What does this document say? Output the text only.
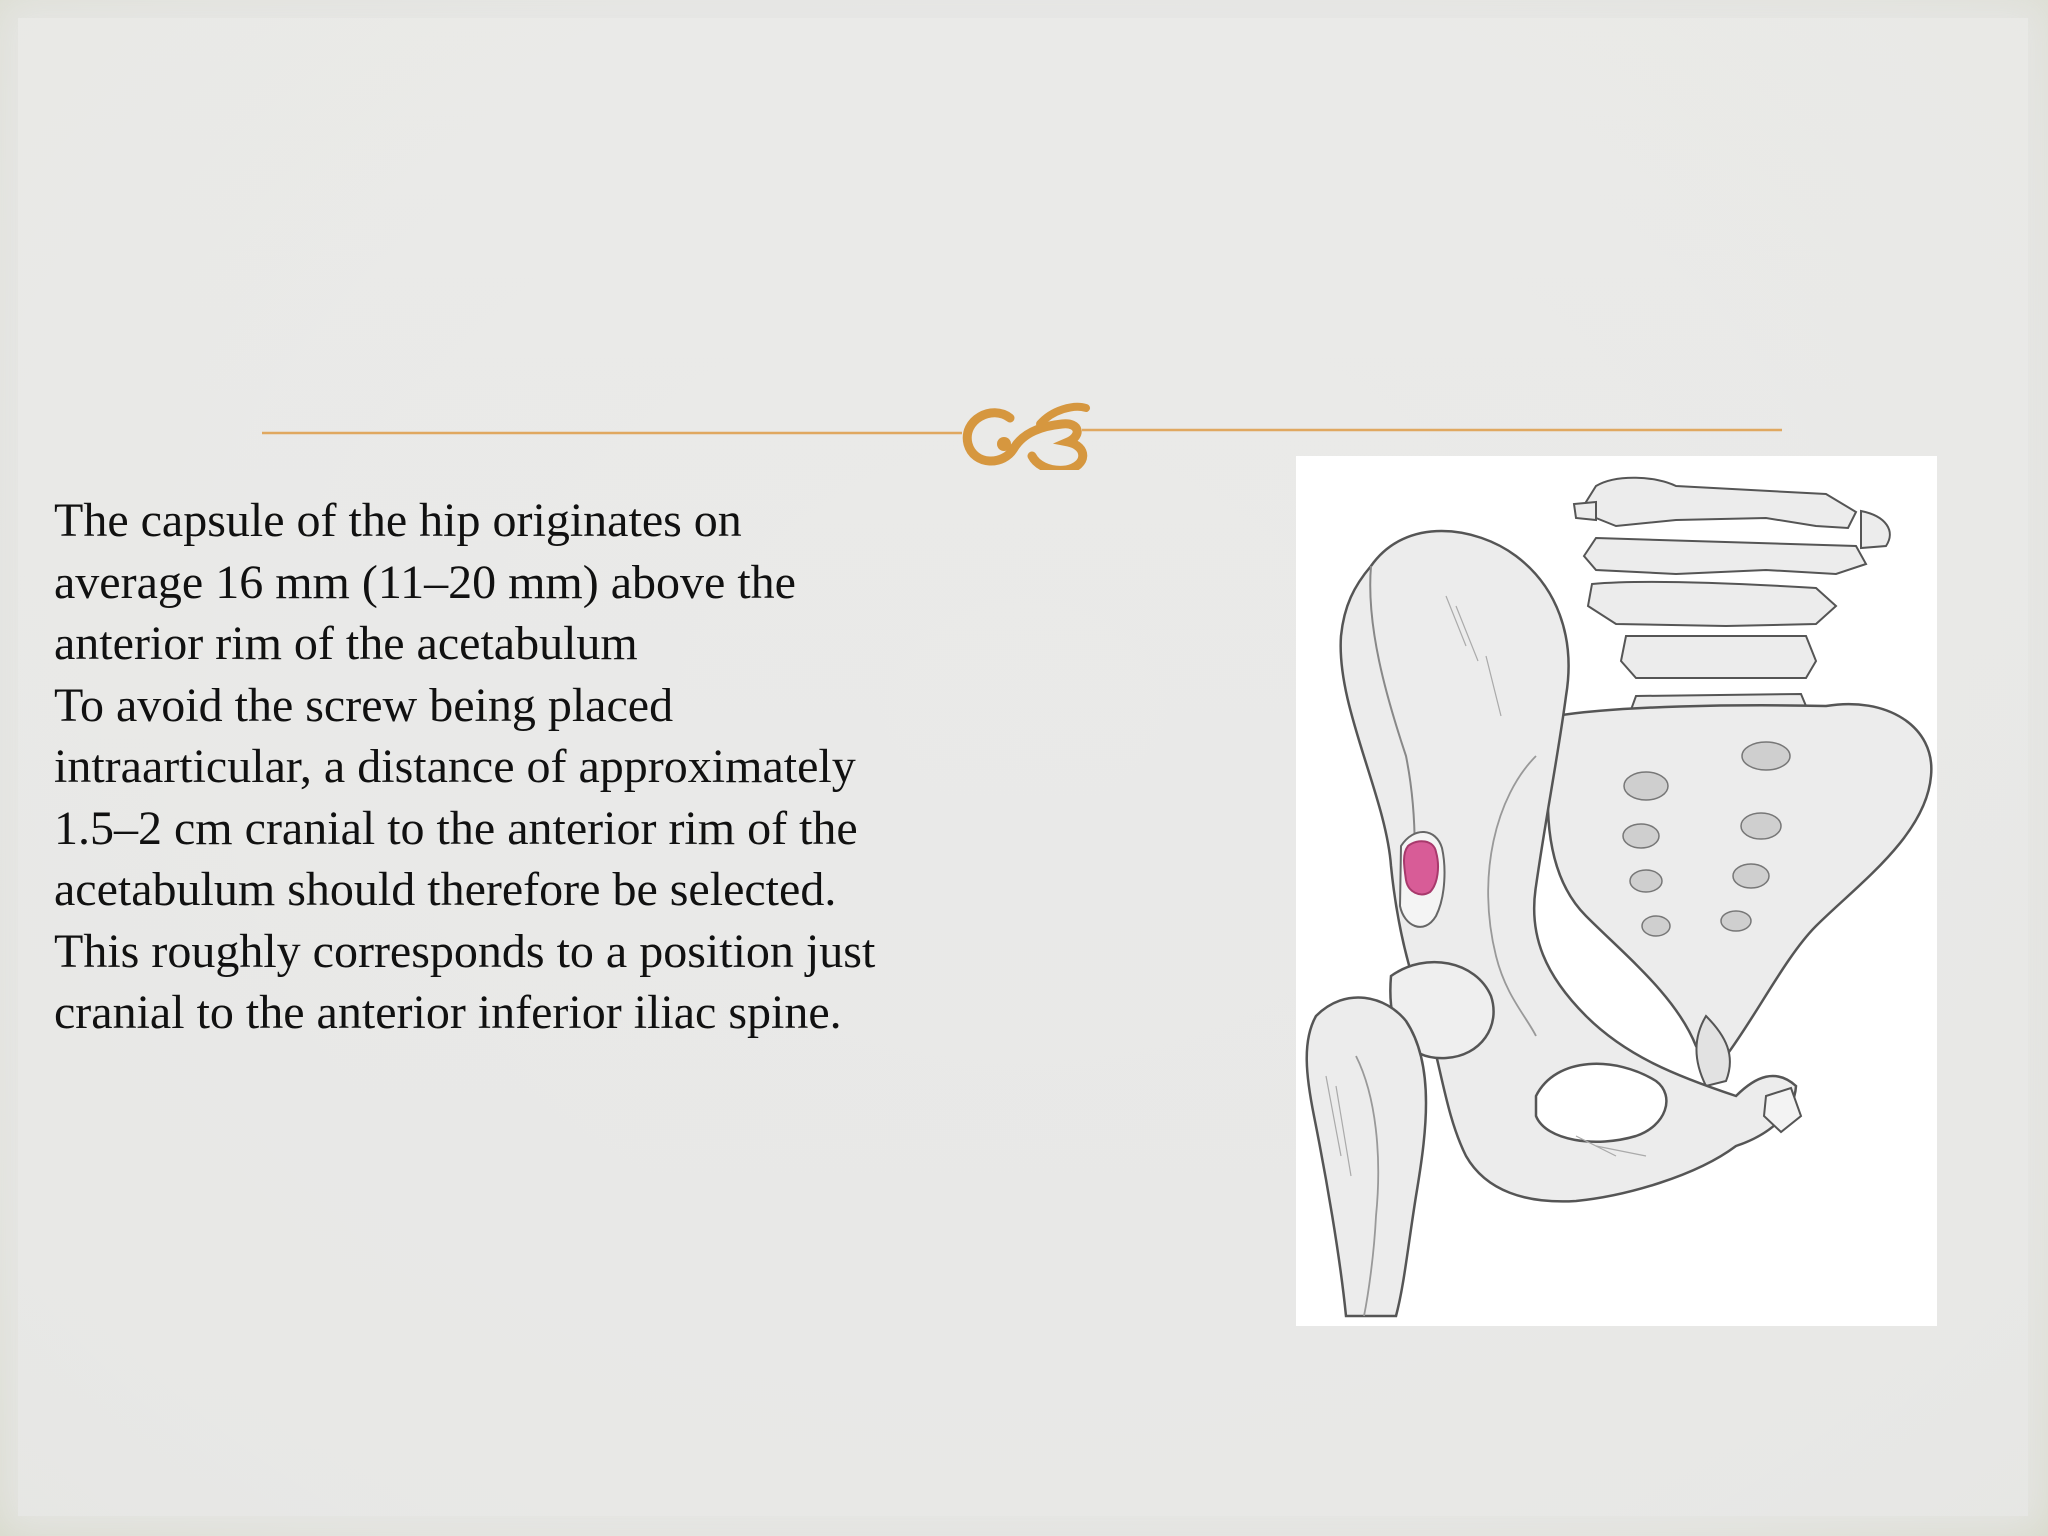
The capsule of the hip originates on
average 16 mm (11–20 mm) above the
anterior rim of the acetabulum
To avoid the screw being placed
intraarticular, a distance of approximately
1.5–2 cm cranial to the anterior rim of the
acetabulum should therefore be selected.
This roughly corresponds to a position just
cranial to the anterior inferior iliac spine.
